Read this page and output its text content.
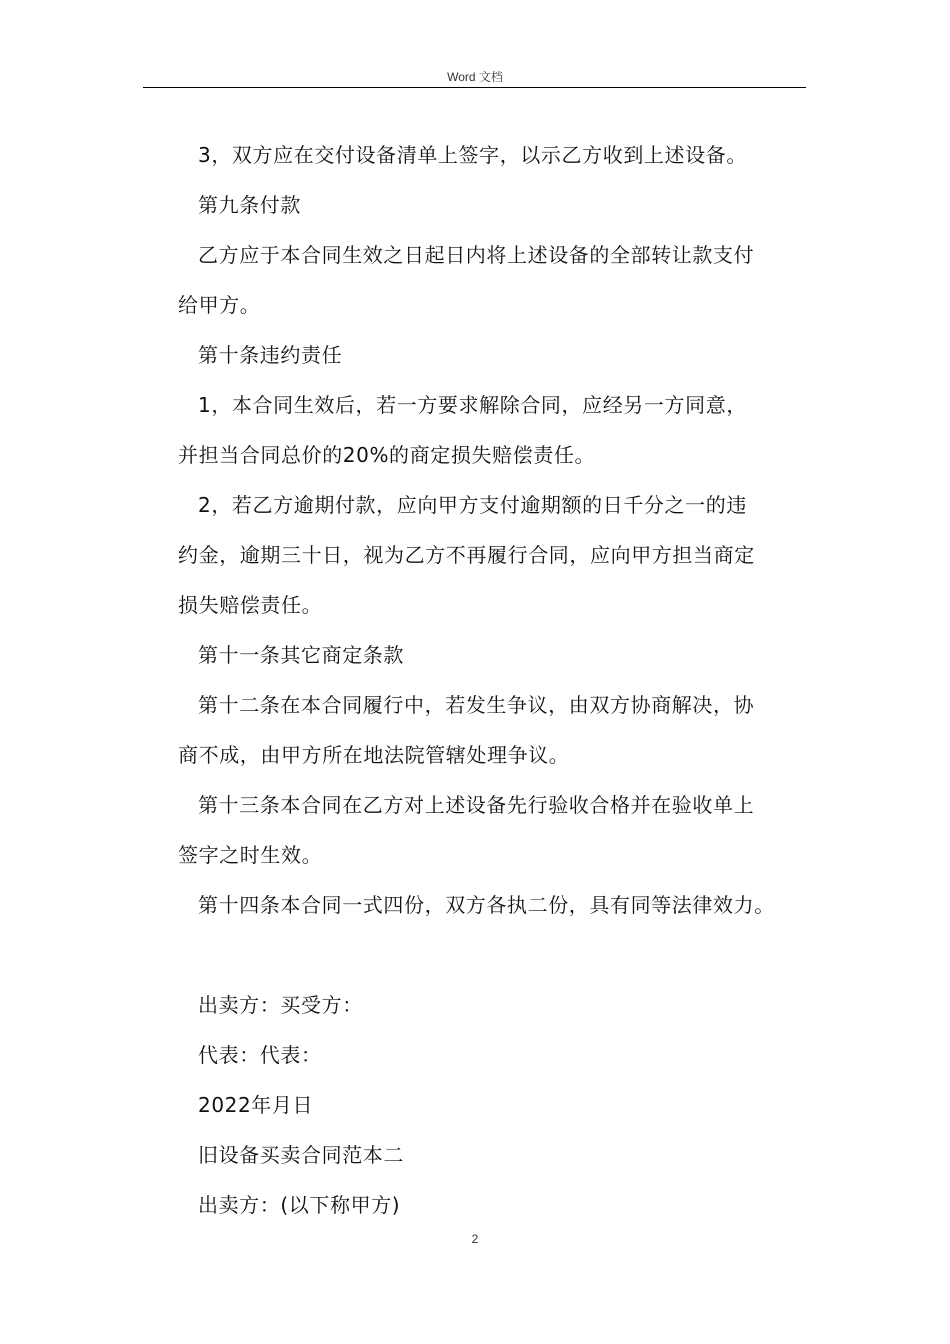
Word 文档

3，双方应在交付设备清单上签字，以示乙方收到上述设备。

第九条付款

乙方应于本合同生效之日起日内将上述设备的全部转让款支付

给甲方。

第十条违约责任

1，本合同生效后，若一方要求解除合同，应经另一方同意，

并担当合同总价的20%的商定损失赔偿责任。

2，若乙方逾期付款，应向甲方支付逾期额的日千分之一的违

约金，逾期三十日，视为乙方不再履行合同，应向甲方担当商定

损失赔偿责任。

第十一条其它商定条款

第十二条在本合同履行中，若发生争议，由双方协商解决，协

商不成，由甲方所在地法院管辖处理争议。

第十三条本合同在乙方对上述设备先行验收合格并在验收单上

签字之时生效。

第十四条本合同一式四份，双方各执二份，具有同等法律效力。

出卖方：买受方：

代表：代表：

2022年月日

旧设备买卖合同范本二

出卖方：(以下称甲方)

2
